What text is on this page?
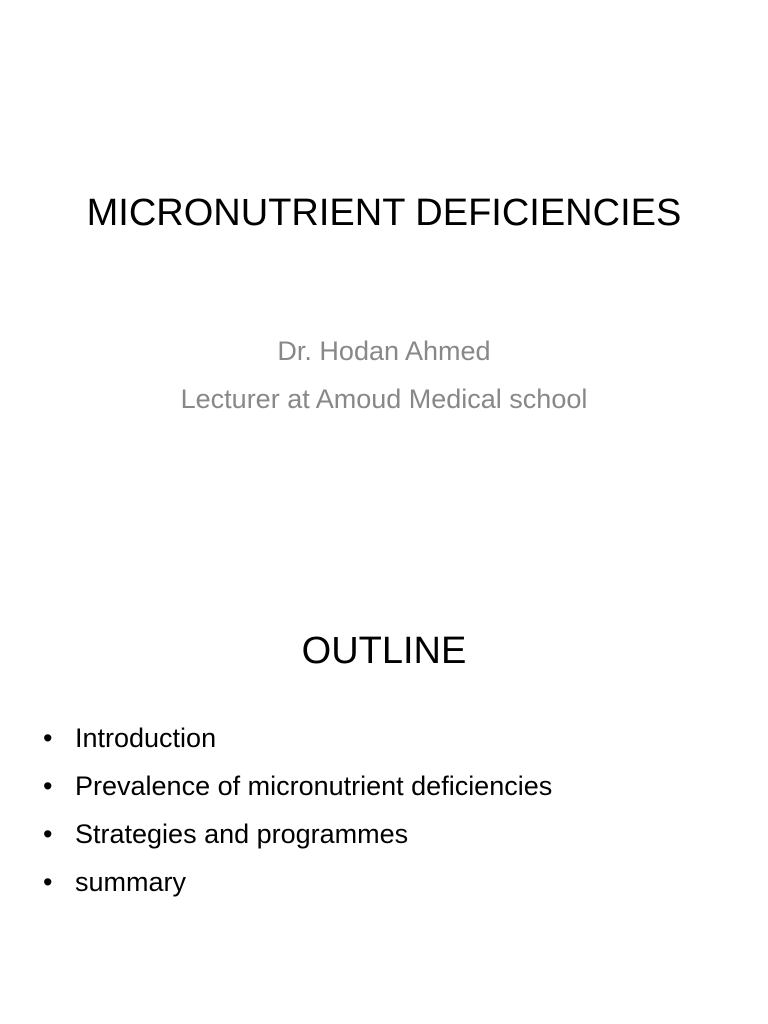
MICRONUTRIENT DEFICIENCIES
Dr. Hodan Ahmed
Lecturer at Amoud Medical school
OUTLINE
• Introduction
• Prevalence of micronutrient deficiencies
• Strategies and programmes
• summary
